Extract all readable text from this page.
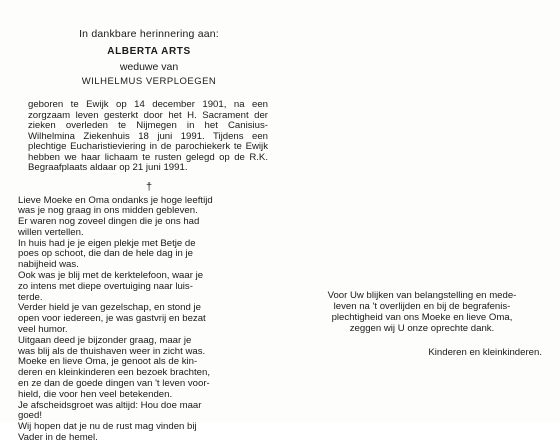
In dankbare herinnering aan:
ALBERTA ARTS
weduwe van
WILHELMUS VERPLOEGEN
geboren te Ewijk op 14 december 1901, na een zorgzaam leven gesterkt door het H. Sacrament der zieken overleden te Nijmegen in het Canisius-Wilhelmina Ziekenhuis 18 juni 1991. Tijdens een plechtige Eucharistieviering in de parochiekerk te Ewijk hebben we haar lichaam te rusten gelegd op de R.K. Begraafplaats aldaar op 21 juni 1991.
†
Lieve Moeke en Oma ondanks je hoge leeftijd
was je nog graag in ons midden gebleven.
Er waren nog zoveel dingen die je ons had
willen vertellen.
In huis had je je eigen plekje met Betje de
poes op schoot, die dan de hele dag in je
nabijheid was.
Ook was je blij met de kerktelefoon, waar je
zo intens met diepe overtuiging naar luis-
terde.
Verder hield je van gezelschap, en stond je
open voor iedereen, je was gastvrij en bezat
veel humor.
Uitgaan deed je bijzonder graag, maar je
was blij als de thuishaven weer in zicht was.
Moeke en lieve Oma, je genoot als de kin-
deren en kleinkinderen een bezoek brachten,
en ze dan de goede dingen van 't leven voor-
hield, die voor hen veel betekenden.
Je afscheidsgroet was altijd: Hou doe maar
goed!
Wij hopen dat je nu de rust mag vinden bij
Vader in de hemel.
Voor Uw blijken van belangstelling en mede-
leven na 't overlijden en bij de begrafenis-
plechtigheid van ons Moeke en lieve Oma,
zeggen wij U onze oprechte dank.
Kinderen en kleinkinderen.
